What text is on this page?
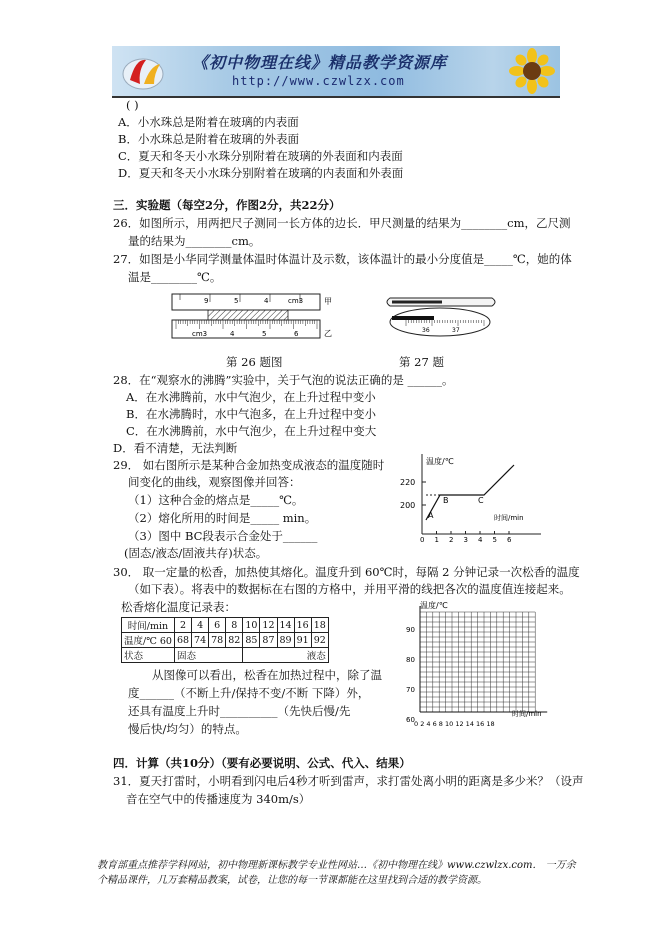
《初中物理在线》精品教学资源库
http://www.czwlzx.com
( )
A．小水珠总是附着在玻璃的内表面
B．小水珠总是附着在玻璃的外表面
C．夏天和冬天小水珠分别附着在玻璃的外表面和内表面
D．夏天和冬天小水珠分别附着在玻璃的内表面和外表面
三．实验题（每空2分，作图2分，共22分）
26．如图所示，用两把尺子测同一长方体的边长．甲尺测量的结果为________cm，乙尺测
量的结果为________cm。
27．如图是小华同学测量体温时体温计及示数，该体温计的最小分度值是_____℃，她的体
温是________℃。
9	5	4	cm3
cm3	4	5	6
甲
乙
第 26 题图
36	37
第 27 题
28．在“观察水的沸腾”实验中，关于气泡的说法正确的是 ______。
A．在水沸腾前，水中气泡少，在上升过程中变小
B．在水沸腾时，水中气泡多，在上升过程中变小
C．在水沸腾前，水中气泡少，在上升过程中变大
D．看不清楚，无法判断
29． 如右图所示是某种合金加热变成液态的温度随时
间变化的曲线，观察图像并回答：
（1）这种合金的熔点是_____℃。
（2）熔化所用的时间是_____ min。
（3）图中 BC段表示合金处于______
(固态/液态/固液共存)状态。
温度/℃
时间/min
220
200
0 1 2 3 4 5 6
A
B	C
30． 取一定量的松香，加热使其熔化。温度升到 60℃时，每隔 2 分钟记录一次松香的温度
（如下表）。将表中的数据标在右图的方格中，并用平滑的线把各次的温度值连接起来。
松香熔化温度记录表：
时间/min	2	4	6	8	10	12	14	16	18
温度/℃ 60	68	74	78	82	85	87	89	91	92
状态	固态				液态				
从图像可以看出，松香在加热过程中，除了温
度______（不断上升/保持不变/不断 下降）外，
还具有温度上升时__________（先快后慢/先
慢后快/均匀）的特点。
温度/℃
时间/min
90
80
70
60 0 2 4 6 8 10 12 14 16 18
四．计算（共10分）（要有必要说明、公式、代入、结果）
31．夏天打雷时，小明看到闪电后4秒才听到雷声，求打雷处离小明的距离是多少米？（设声
音在空气中的传播速度为 340m/s）
教育部重点推荐学科网站，初中物理新课标教学专业性网站…《初中物理在线》www.czwlzx.com． 一万余
个精品课件，几万套精品教案，试卷，让您的每一节课都能在这里找到合适的教学资源。
